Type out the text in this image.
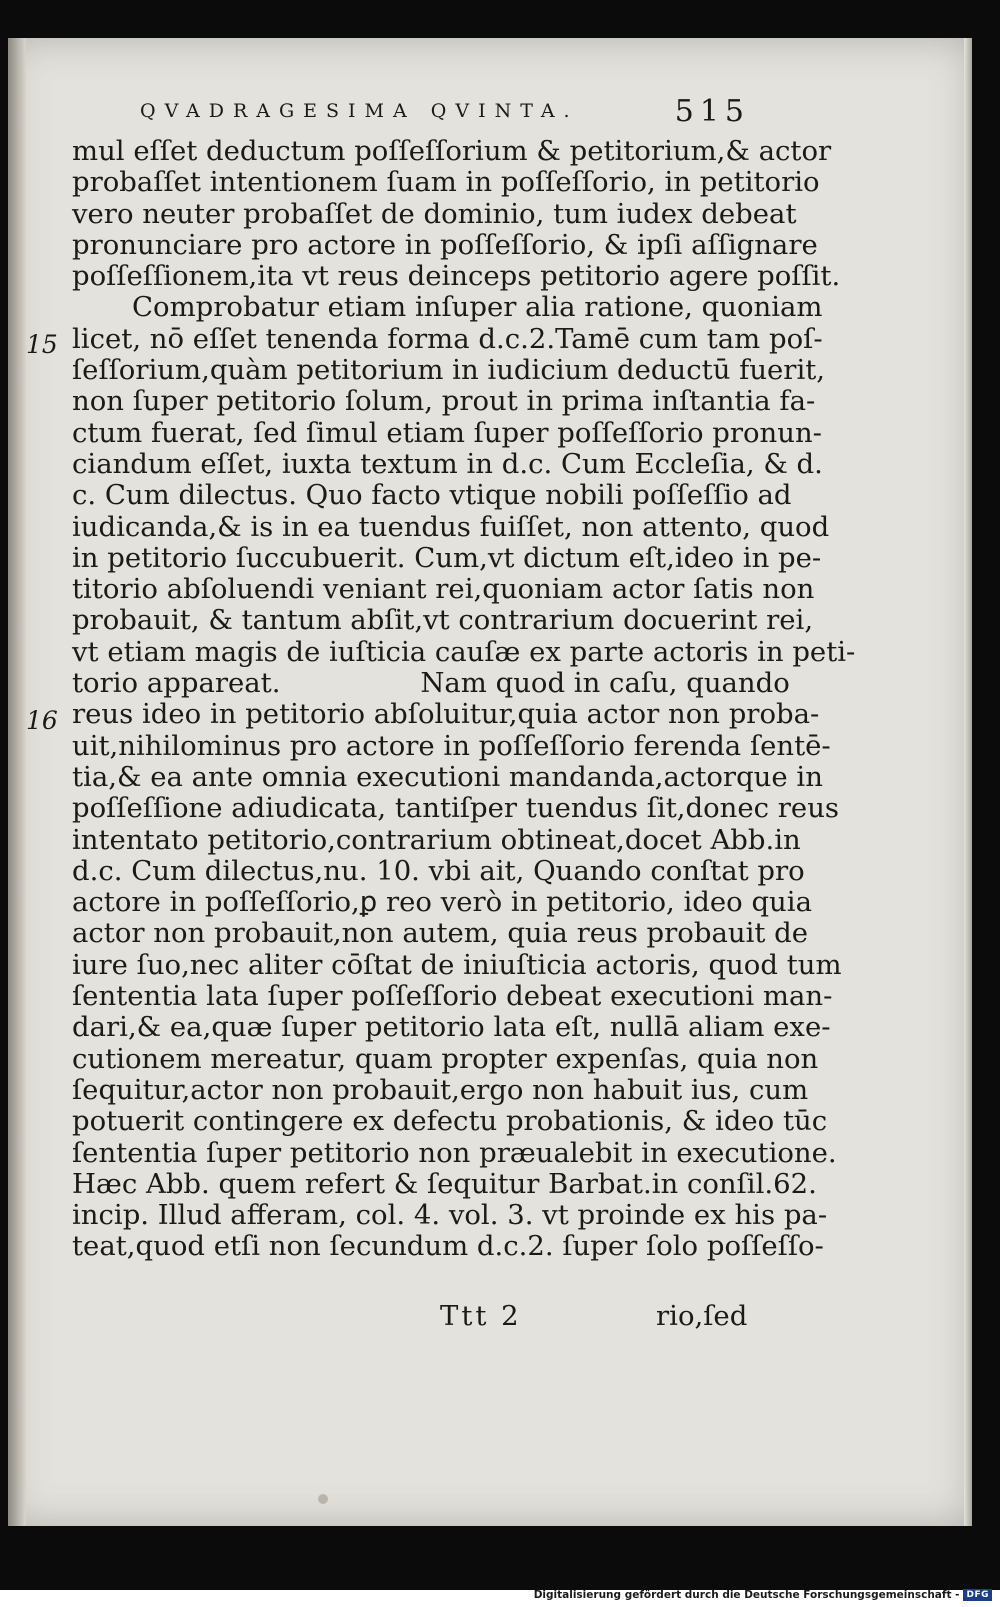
QVADRAGESIMA QVINTA.	515
15
16
mul eſſet deductum poſſeſſorium & petitorium,& actor
probaſſet intentionem ſuam in poſſeſſorio, in petitorio
vero neuter probaſſet de dominio, tum iudex debeat
pronunciare pro actore in poſſeſſorio, & ipſi aſſignare
poſſeſſionem,ita vt reus deinceps petitorio agere poſſit.
Comprobatur etiam inſuper alia ratione, quoniam
licet, nō eſſet tenenda forma d.c.2.Tamē cum tam poſ-
ſeſſorium,quàm petitorium in iudicium deductū fuerit,
non ſuper petitorio ſolum, prout in prima inſtantia fa-
ctum fuerat, ſed ſimul etiam ſuper poſſeſſorio pronun-
ciandum eſſet, iuxta textum in d.c. Cum Eccleſia, & d.
c. Cum dilectus. Quo facto vtique nobili poſſeſſio ad
iudicanda,& is in ea tuendus fuiſſet, non attento, quod
in petitorio ſuccubuerit. Cum,vt dictum eſt,ideo in pe-
titorio abſoluendi veniant rei,quoniam actor ſatis non
probauit, & tantum abſit,vt contrarium docuerint rei,
vt etiam magis de iuſticia cauſæ ex parte actoris in peti-
torio appareat.                Nam quod in caſu, quando
reus ideo in petitorio abſoluitur,quia actor non proba-
uit,nihilominus pro actore in poſſeſſorio ferenda ſentē-
tia,& ea ante omnia executioni mandanda,actorque in
poſſeſſione adiudicata, tantiſper tuendus ſit,donec reus
intentato petitorio,contrarium obtineat,docet Abb.in
d.c. Cum dilectus,nu. 10. vbi ait, Quando conſtat pro
actore in poſſeſſorio,ꝑ reo verò in petitorio, ideo quia
actor non probauit,non autem, quia reus probauit de
iure ſuo,nec aliter cōſtat de iniuſticia actoris, quod tum
ſententia lata ſuper poſſeſſorio debeat executioni man-
dari,& ea,quæ ſuper petitorio lata eſt, nullā aliam exe-
cutionem mereatur, quam propter expenſas, quia non
ſequitur,actor non probauit,ergo non habuit ius, cum
potuerit contingere ex defectu probationis, & ideo tūc
ſententia ſuper petitorio non præualebit in executione.
Hæc Abb. quem refert & ſequitur Barbat.in conſil.62.
incip. Illud afferam, col. 4. vol. 3. vt proinde ex his pa-
teat,quod etſi non ſecundum d.c.2. ſuper ſolo poſſeſſo-
Ttt 2	rio,ſed
Digitalisierung gefördert durch die Deutsche Forschungsgemeinschaft - DFG
